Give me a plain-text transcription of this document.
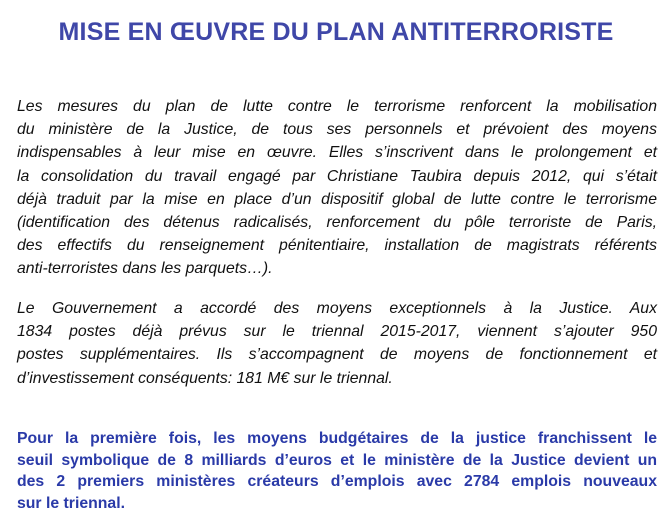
MISE EN ŒUVRE DU PLAN ANTITERRORISTE

Les mesures du plan de lutte contre le terrorisme renforcent la mobilisation
du ministère de la Justice, de tous ses personnels et prévoient des moyens
indispensables à leur mise en œuvre. Elles s’inscrivent dans le prolongement et
la consolidation du travail engagé par Christiane Taubira depuis 2012, qui s’était
déjà traduit par la mise en place d’un dispositif global de lutte contre le terrorisme
(identification des détenus radicalisés, renforcement du pôle terroriste de Paris,
des effectifs du renseignement pénitentiaire, installation de magistrats référents
anti-terroristes dans les parquets…).

Le Gouvernement a accordé des moyens exceptionnels à la Justice. Aux
1834 postes déjà prévus sur le triennal 2015-2017, viennent s’ajouter 950
postes supplémentaires. Ils s’accompagnent de moyens de fonctionnement et
d’investissement conséquents: 181 M€ sur le triennal.

Pour la première fois, les moyens budgétaires de la justice franchissent le
seuil symbolique de 8 milliards d’euros et le ministère de la Justice devient un
des 2 premiers ministères créateurs d’emplois avec 2784 emplois nouveaux
sur le triennal.
